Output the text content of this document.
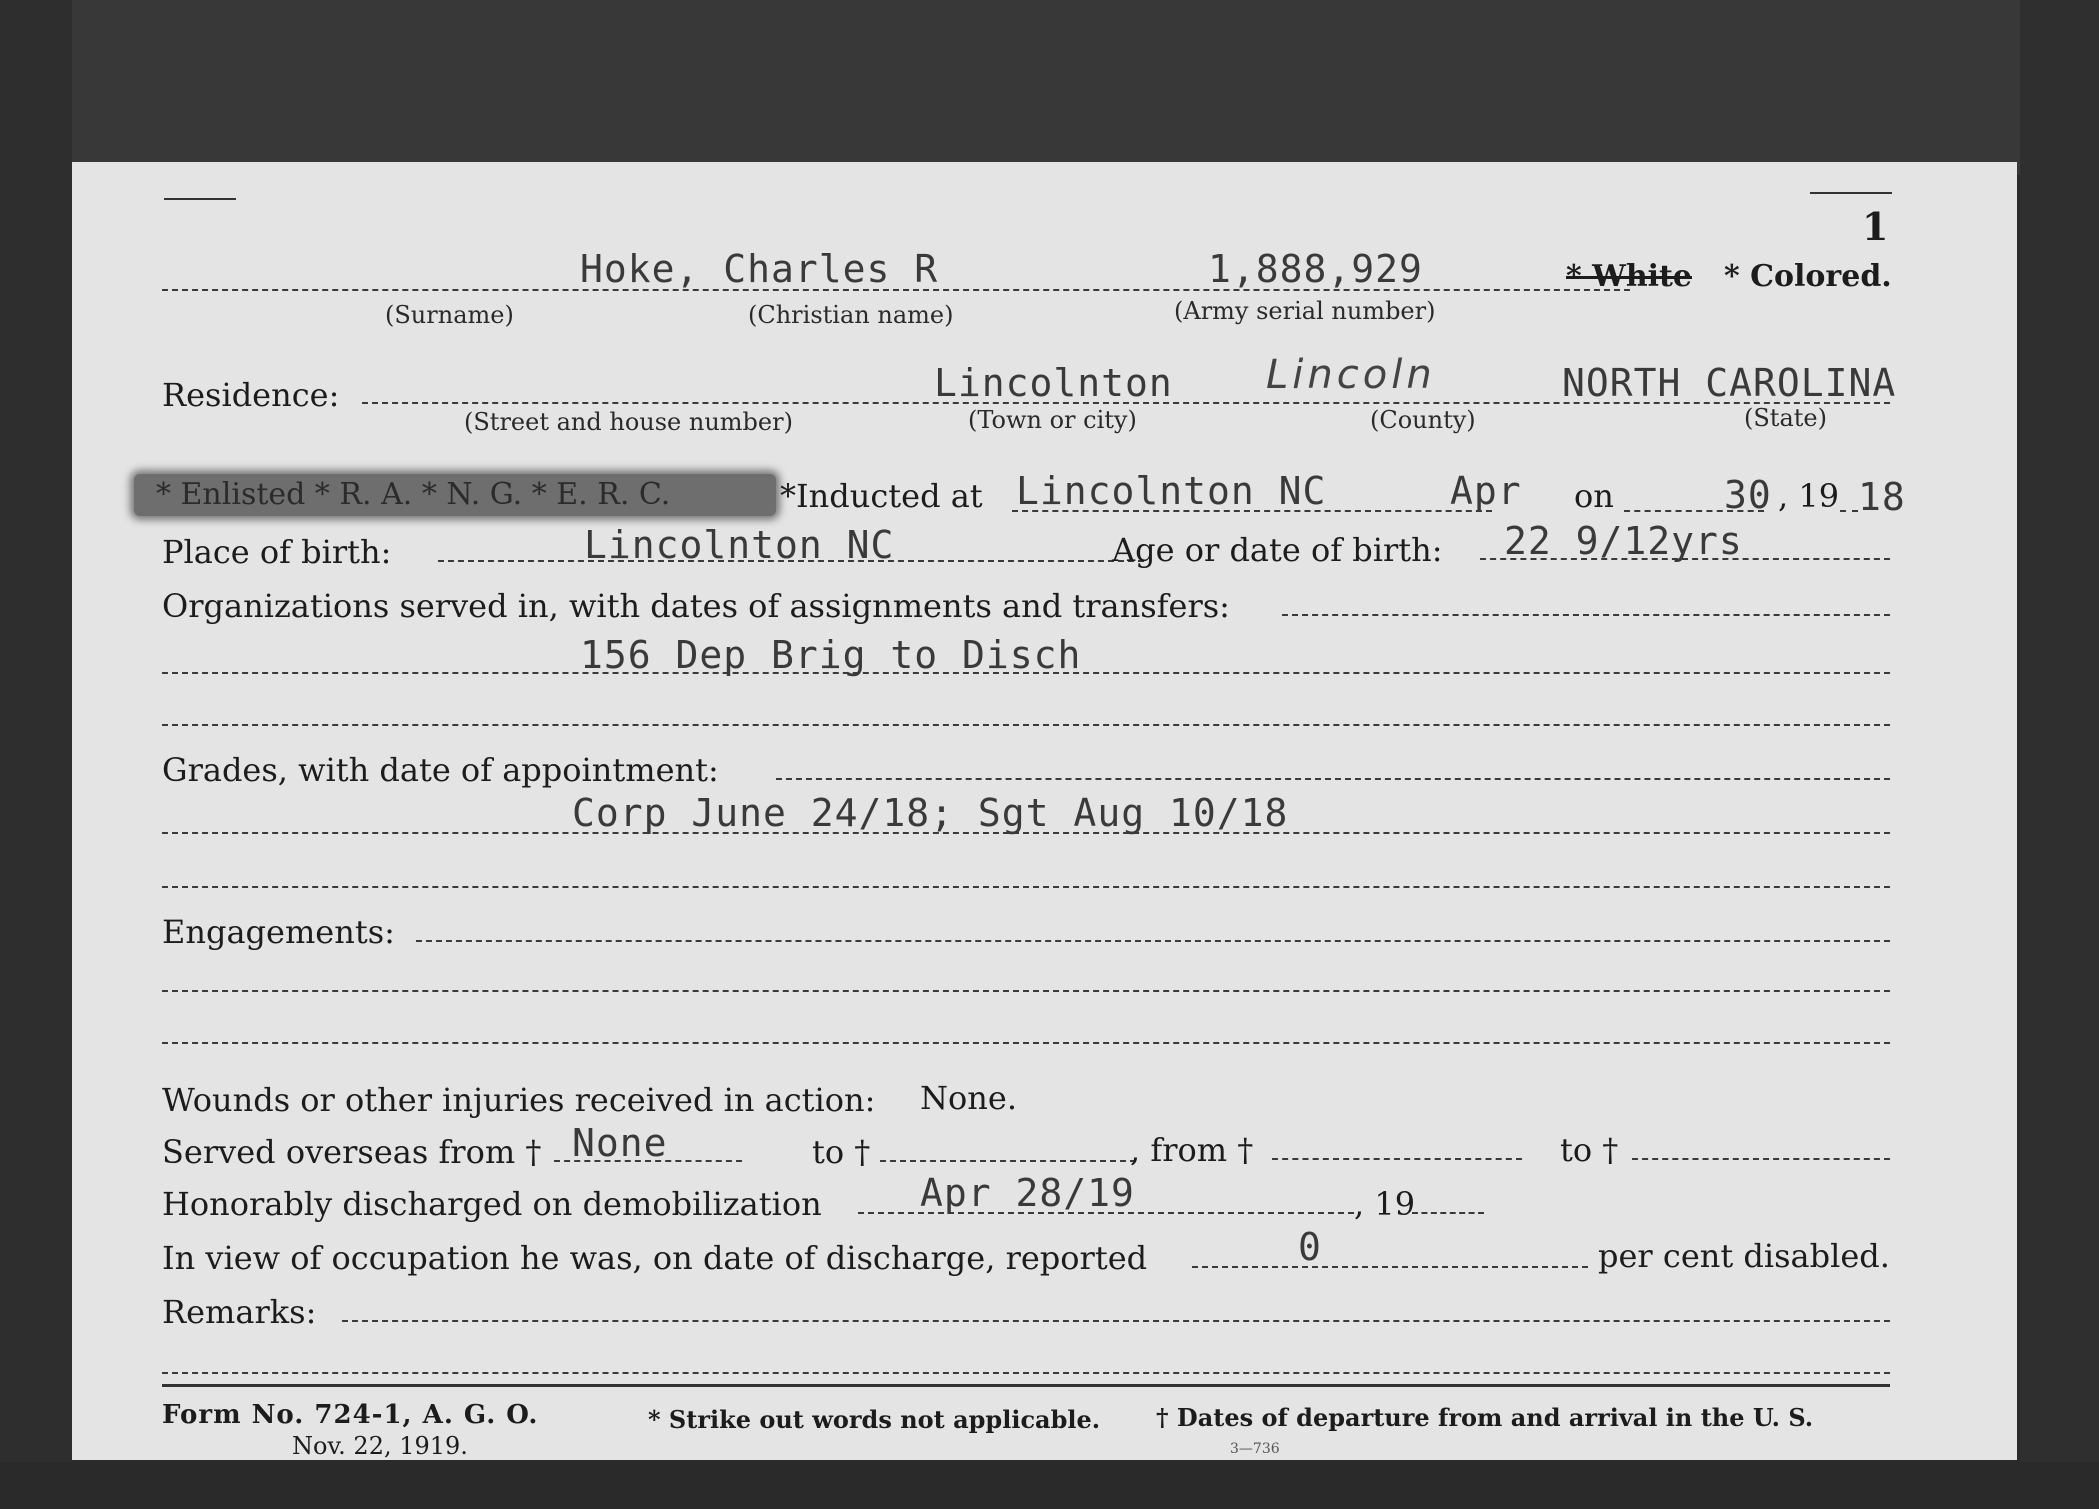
1
Hoke, Charles R	1,888,929	* White * Colored.
(Surname)	(Christian name)	(Army serial number)
Residence:	Lincolnton Lincoln	NORTH CAROLINA
(Street and house number)	(Town or city)	(County)	(State)
* Enlisted * R. A. * N. G. * E. R. C.	*Inducted at Lincolnton NC	Apr on	30 , 19 18
Place of birth:	Lincolnton NC	Age or date of birth: 22 9/12yrs
Organizations served in, with dates of assignments and transfers:
156 Dep Brig to Disch
Grades, with date of appointment:
Corp June 24/18; Sgt Aug 10/18
Engagements:
Wounds or other injuries received in action: None.
Served overseas from † None	to †	, from †	to †
Honorably discharged on demobilization	Apr 28/19	, 19
In view of occupation he was, on date of discharge, reported	0	per cent disabled.
Remarks:
Form No. 724-1, A. G. O.
Nov. 22, 1919.
* Strike out words not applicable. † Dates of departure from and arrival in the U. S.
3—736
